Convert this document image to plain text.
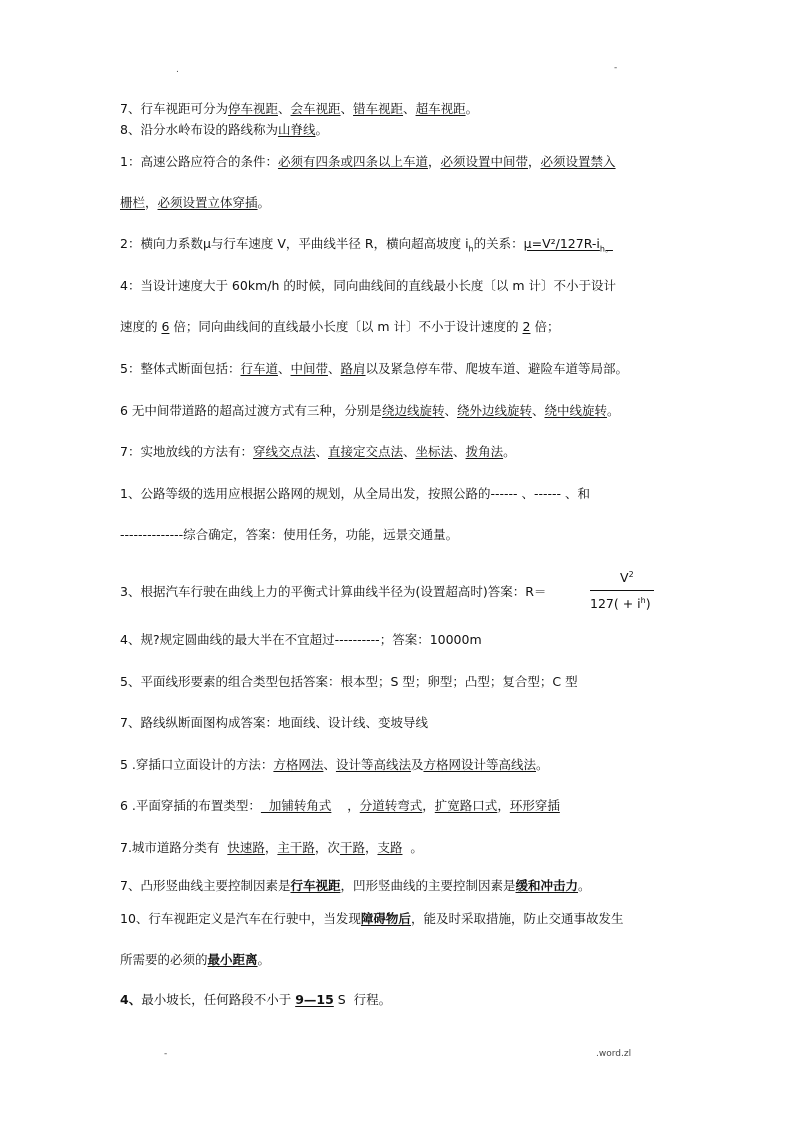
.	-
7、行车视距可分为停车视距、会车视距、错车视距、超车视距。
8、沿分水岭布设的路线称为山脊线。
1：高速公路应符合的条件：必须有四条或四条以上车道，必须设置中间带，必须设置禁入
栅栏，必须设置立体穿插。
2：横向力系数μ与行车速度 V，平曲线半径 R，横向超高坡度 $i_h$的关系：$\mu=V^2/127R-i_{h。}$
4：当设计速度大于 60km/h 的时候，同向曲线间的直线最小长度〔以 m 计〕不小于设计
速度的 6 倍；同向曲线间的直线最小长度〔以 m 计〕不小于设计速度的 2 倍；
5：整体式断面包括：行车道、中间带、路肩以及紧急停车带、爬坡车道、避险车道等局部。
6 无中间带道路的超高过渡方式有三种，分别是绕边线旋转、绕外边线旋转、绕中线旋转。
7：实地放线的方法有：穿线交点法、直接定交点法、坐标法、拨角法。
1、公路等级的选用应根据公路网的规划，从全局出发，按照公路的------ 、------ 、和
--------------综合确定，答案：使用任务，功能，远景交通量。
3、根据汽车行驶在曲线上力的平衡式计算曲线半径为(设置超高时)答案：R＝
$V^2$
$127( + i^h)$
4、规?规定圆曲线的最大半在不宜超过----------；答案：10000m
5、平面线形要素的组合类型包括答案：根本型；S 型；卵型；凸型；复合型；C 型
7、路线纵断面图构成答案：地面线、设计线、变坡导线
5 .穿插口立面设计的方法：方格网法、设计等高线法及方格网设计等高线法。
6 .平面穿插的布置类型：  加铺转角式    ，分道转弯式，扩宽路口式，环形穿插
7.城市道路分类有  快速路，主干路，次干路，支路  。
7、凸形竖曲线主要控制因素是行车视距，凹形竖曲线的主要控制因素是缓和冲击力。
10、行车视距定义是汽车在行驶中，当发现障碍物后，能及时采取措施，防止交通事故发生
所需要的必须的最小距离。
4、最小坡长，任何路段不小于 9—15 S  行程。
-	.word.zl
